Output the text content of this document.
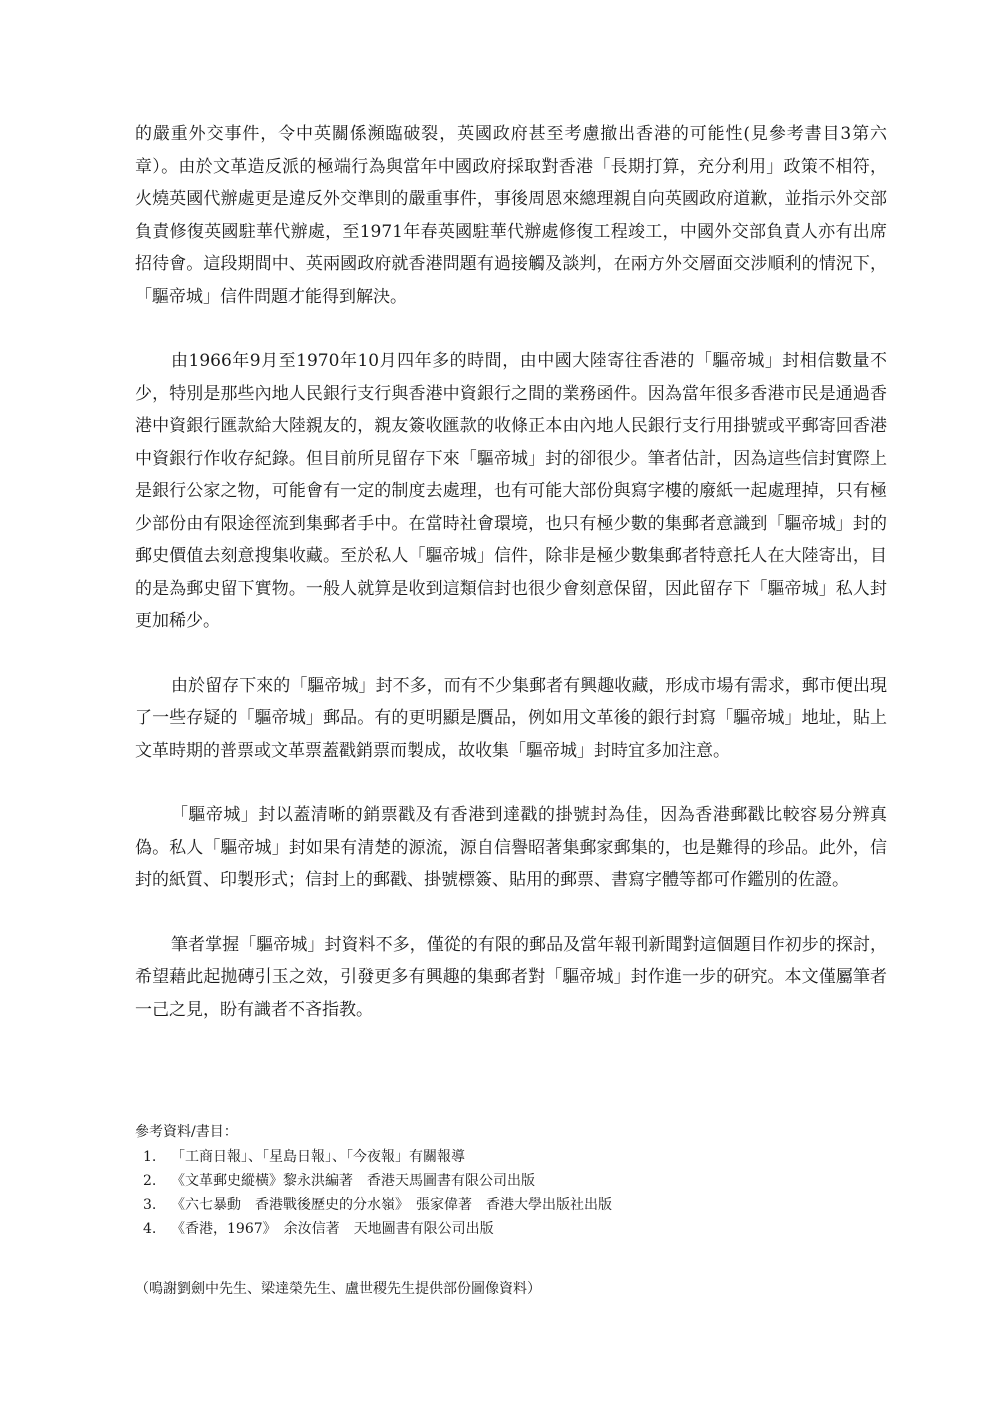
的嚴重外交事件，令中英關係瀕臨破裂，英國政府甚至考慮撤出香港的可能性(見參考書目3第六章）。由於文革造反派的極端行為與當年中國政府採取對香港「長期打算，充分利用」政策不相符，火燒英國代辦處更是違反外交準則的嚴重事件，事後周恩來總理親自向英國政府道歉，並指示外交部負責修復英國駐華代辦處，至1971年春英國駐華代辦處修復工程竣工，中國外交部負責人亦有出席招待會。這段期間中、英兩國政府就香港問題有過接觸及談判，在兩方外交層面交涉順利的情況下，「驅帝城」信件問題才能得到解決。

由1966年9月至1970年10月四年多的時間，由中國大陸寄往香港的「驅帝城」封相信數量不少，特別是那些內地人民銀行支行與香港中資銀行之間的業務函件。因為當年很多香港市民是通過香港中資銀行匯款給大陸親友的，親友簽收匯款的收條正本由內地人民銀行支行用掛號或平郵寄回香港中資銀行作收存紀錄。但目前所見留存下來「驅帝城」封的卻很少。筆者估計，因為這些信封實際上是銀行公家之物，可能會有一定的制度去處理，也有可能大部份與寫字樓的廢紙一起處理掉，只有極少部份由有限途徑流到集郵者手中。在當時社會環境，也只有極少數的集郵者意識到「驅帝城」封的郵史價值去刻意搜集收藏。至於私人「驅帝城」信件，除非是極少數集郵者特意托人在大陸寄出，目的是為郵史留下實物。一般人就算是收到這類信封也很少會刻意保留，因此留存下「驅帝城」私人封更加稀少。

由於留存下來的「驅帝城」封不多，而有不少集郵者有興趣收藏，形成市場有需求，郵市便出現了一些存疑的「驅帝城」郵品。有的更明顯是贋品，例如用文革後的銀行封寫「驅帝城」地址，貼上文革時期的普票或文革票蓋戳銷票而製成，故收集「驅帝城」封時宜多加注意。

「驅帝城」封以蓋清晰的銷票戳及有香港到達戳的掛號封為佳，因為香港郵戳比較容易分辨真偽。私人「驅帝城」封如果有清楚的源流，源自信譽昭著集郵家郵集的，也是難得的珍品。此外，信封的紙質、印製形式；信封上的郵戳、掛號標簽、貼用的郵票、書寫字體等都可作鑑別的佐證。

筆者掌握「驅帝城」封資料不多，僅從的有限的郵品及當年報刊新聞對這個題目作初步的探討，希望藉此起拋磚引玉之效，引發更多有興趣的集郵者對「驅帝城」封作進一步的研究。本文僅屬筆者一己之見，盼有識者不吝指教。

參考資料/書目：

1.	「工商日報」、「星島日報」、「今夜報」有關報導
2.	《文革郵史縱橫》黎永洪編著　香港天馬圖書有限公司出版
3.	《六七暴動　香港戰後歷史的分水嶺》　張家偉著　香港大學出版社出版
4.	《香港，1967》　余汝信著　天地圖書有限公司出版

（鳴謝劉劍中先生、梁達榮先生、盧世稷先生提供部份圖像資料）
